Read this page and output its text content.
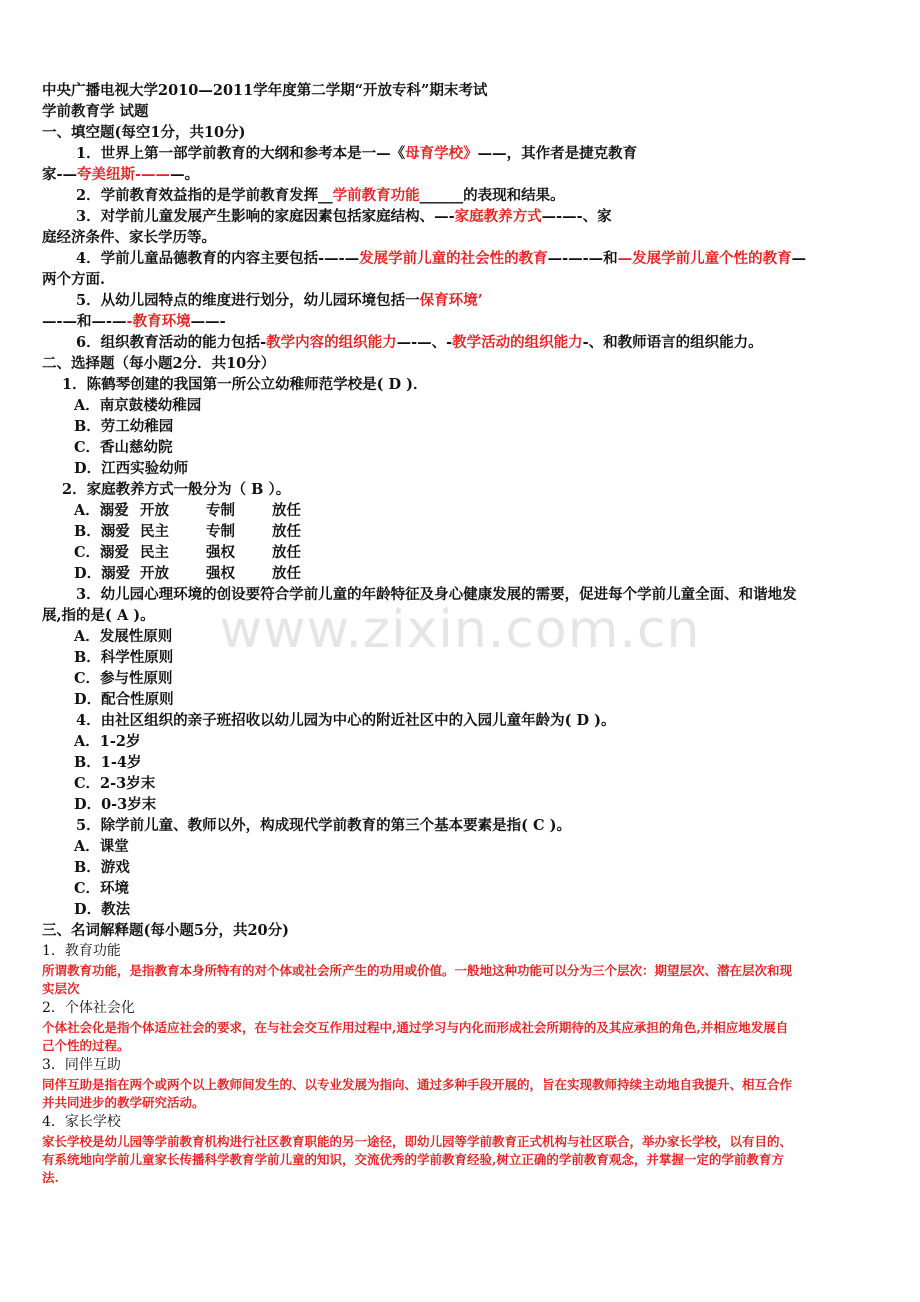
中央广播电视大学2010—2011学年度第二学期“开放专科”期末考试
学前教育学 试题
一、填空题(每空1分，共10分)
1．世界上第一部学前教育的大纲和参考本是一—《母育学校》——，其作者是捷克教育
家-—夸美纽斯-———。
2．学前教育效益指的是学前教育发挥__学前教育功能______的表现和结果。
3．对学前儿童发展产生影响的家庭因素包括家庭结构、—-家庭教养方式—-—-、家
庭经济条件、家长学历等。
4．学前儿童品德教育的内容主要包括-—-—发展学前儿童的社会性的教育—-—-—和—发展学前儿童个性的教育—
两个方面.
5．从幼儿园特点的维度进行划分，幼儿园环境包括一保育环境’
—-—和—-—-教育环境——-
6．组织教育活动的能力包括-教学内容的组织能力—-—、-教学活动的组织能力-、和教师语言的组织能力。
二、选择题（每小题2分．共10分）
1．陈鹤琴创建的我国第一所公立幼稚师范学校是( D )．
A．南京鼓楼幼稚园
B．劳工幼稚园
C．香山慈幼院
D．江西实验幼师
2．家庭教养方式一般分为（ B ）。
A．溺爱 开放	专制	放任
B．溺爱 民主	专制	放任
C．溺爱 民主	强权	放任
D．溺爱 开放	强权	放任
3．幼儿园心理环境的创设要符合学前儿童的年龄特征及身心健康发展的需要，促进每个学前儿童全面、和谐地发
展,指的是( A )。
A．发展性原则
B．科学性原则
C．参与性原则
D．配合性原则
4．由社区组织的亲子班招收以幼儿园为中心的附近社区中的入园儿童年龄为( D )。
A．1-2岁
B．1-4岁
C．2-3岁末
D．0-3岁末
5．除学前儿童、教师以外，构成现代学前教育的第三个基本要素是指( C )。
A．课堂
B．游戏
C．环境
D．教法
三、名词解释题(每小题5分，共20分)
1．教育功能
所谓教育功能，是指教育本身所特有的对个体或社会所产生的功用或价值。一般地这种功能可以分为三个层次：期望层次、潜在层次和现
实层次
2．个体社会化
个体社会化是指个体适应社会的要求，在与社会交互作用过程中,通过学习与内化而形成社会所期待的及其应承担的角色,并相应地发展自
己个性的过程。
3．同伴互助
同伴互助是指在两个或两个以上教师间发生的、以专业发展为指向、通过多种手段开展的，旨在实现教师持续主动地自我提升、相互合作
并共同进步的教学研究活动。
4．家长学校
家长学校是幼儿园等学前教育机构进行社区教育职能的另一途径，即幼儿园等学前教育正式机构与社区联合，举办家长学校，以有目的、
有系统地向学前儿童家长传播科学教育学前儿童的知识，交流优秀的学前教育经验,树立正确的学前教育观念，并掌握一定的学前教育方
法.
www.zixin.com.cn
